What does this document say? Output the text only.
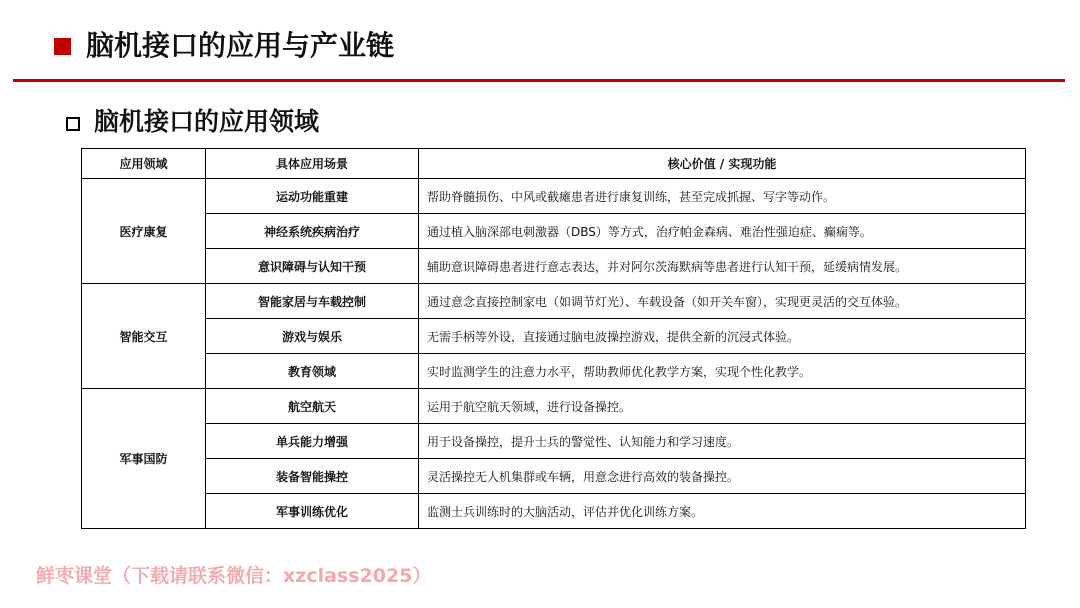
脑机接口的应用与产业链
脑机接口的应用领域
应用领域	具体应用场景	核心价值 / 实现功能
医疗康复	运动功能重建	帮助脊髓损伤、中风或截瘫患者进行康复训练，甚至完成抓握、写字等动作。
	神经系统疾病治疗	通过植入脑深部电刺激器（DBS）等方式，治疗帕金森病、难治性强迫症、癫痫等。
	意识障碍与认知干预	辅助意识障碍患者进行意志表达，并对阿尔茨海默病等患者进行认知干预，延缓病情发展。
智能交互	智能家居与车载控制	通过意念直接控制家电（如调节灯光）、车载设备（如开关车窗），实现更灵活的交互体验。
	游戏与娱乐	无需手柄等外设，直接通过脑电波操控游戏，提供全新的沉浸式体验。
	教育领域	实时监测学生的注意力水平，帮助教师优化教学方案，实现个性化教学。
军事国防	航空航天	运用于航空航天领域，进行设备操控。
	单兵能力增强	用于设备操控，提升士兵的警觉性、认知能力和学习速度。
	装备智能操控	灵活操控无人机集群或车辆，用意念进行高效的装备操控。
	军事训练优化	监测士兵训练时的大脑活动，评估并优化训练方案。
鲜枣课堂（下载请联系微信：xzclass2025）
